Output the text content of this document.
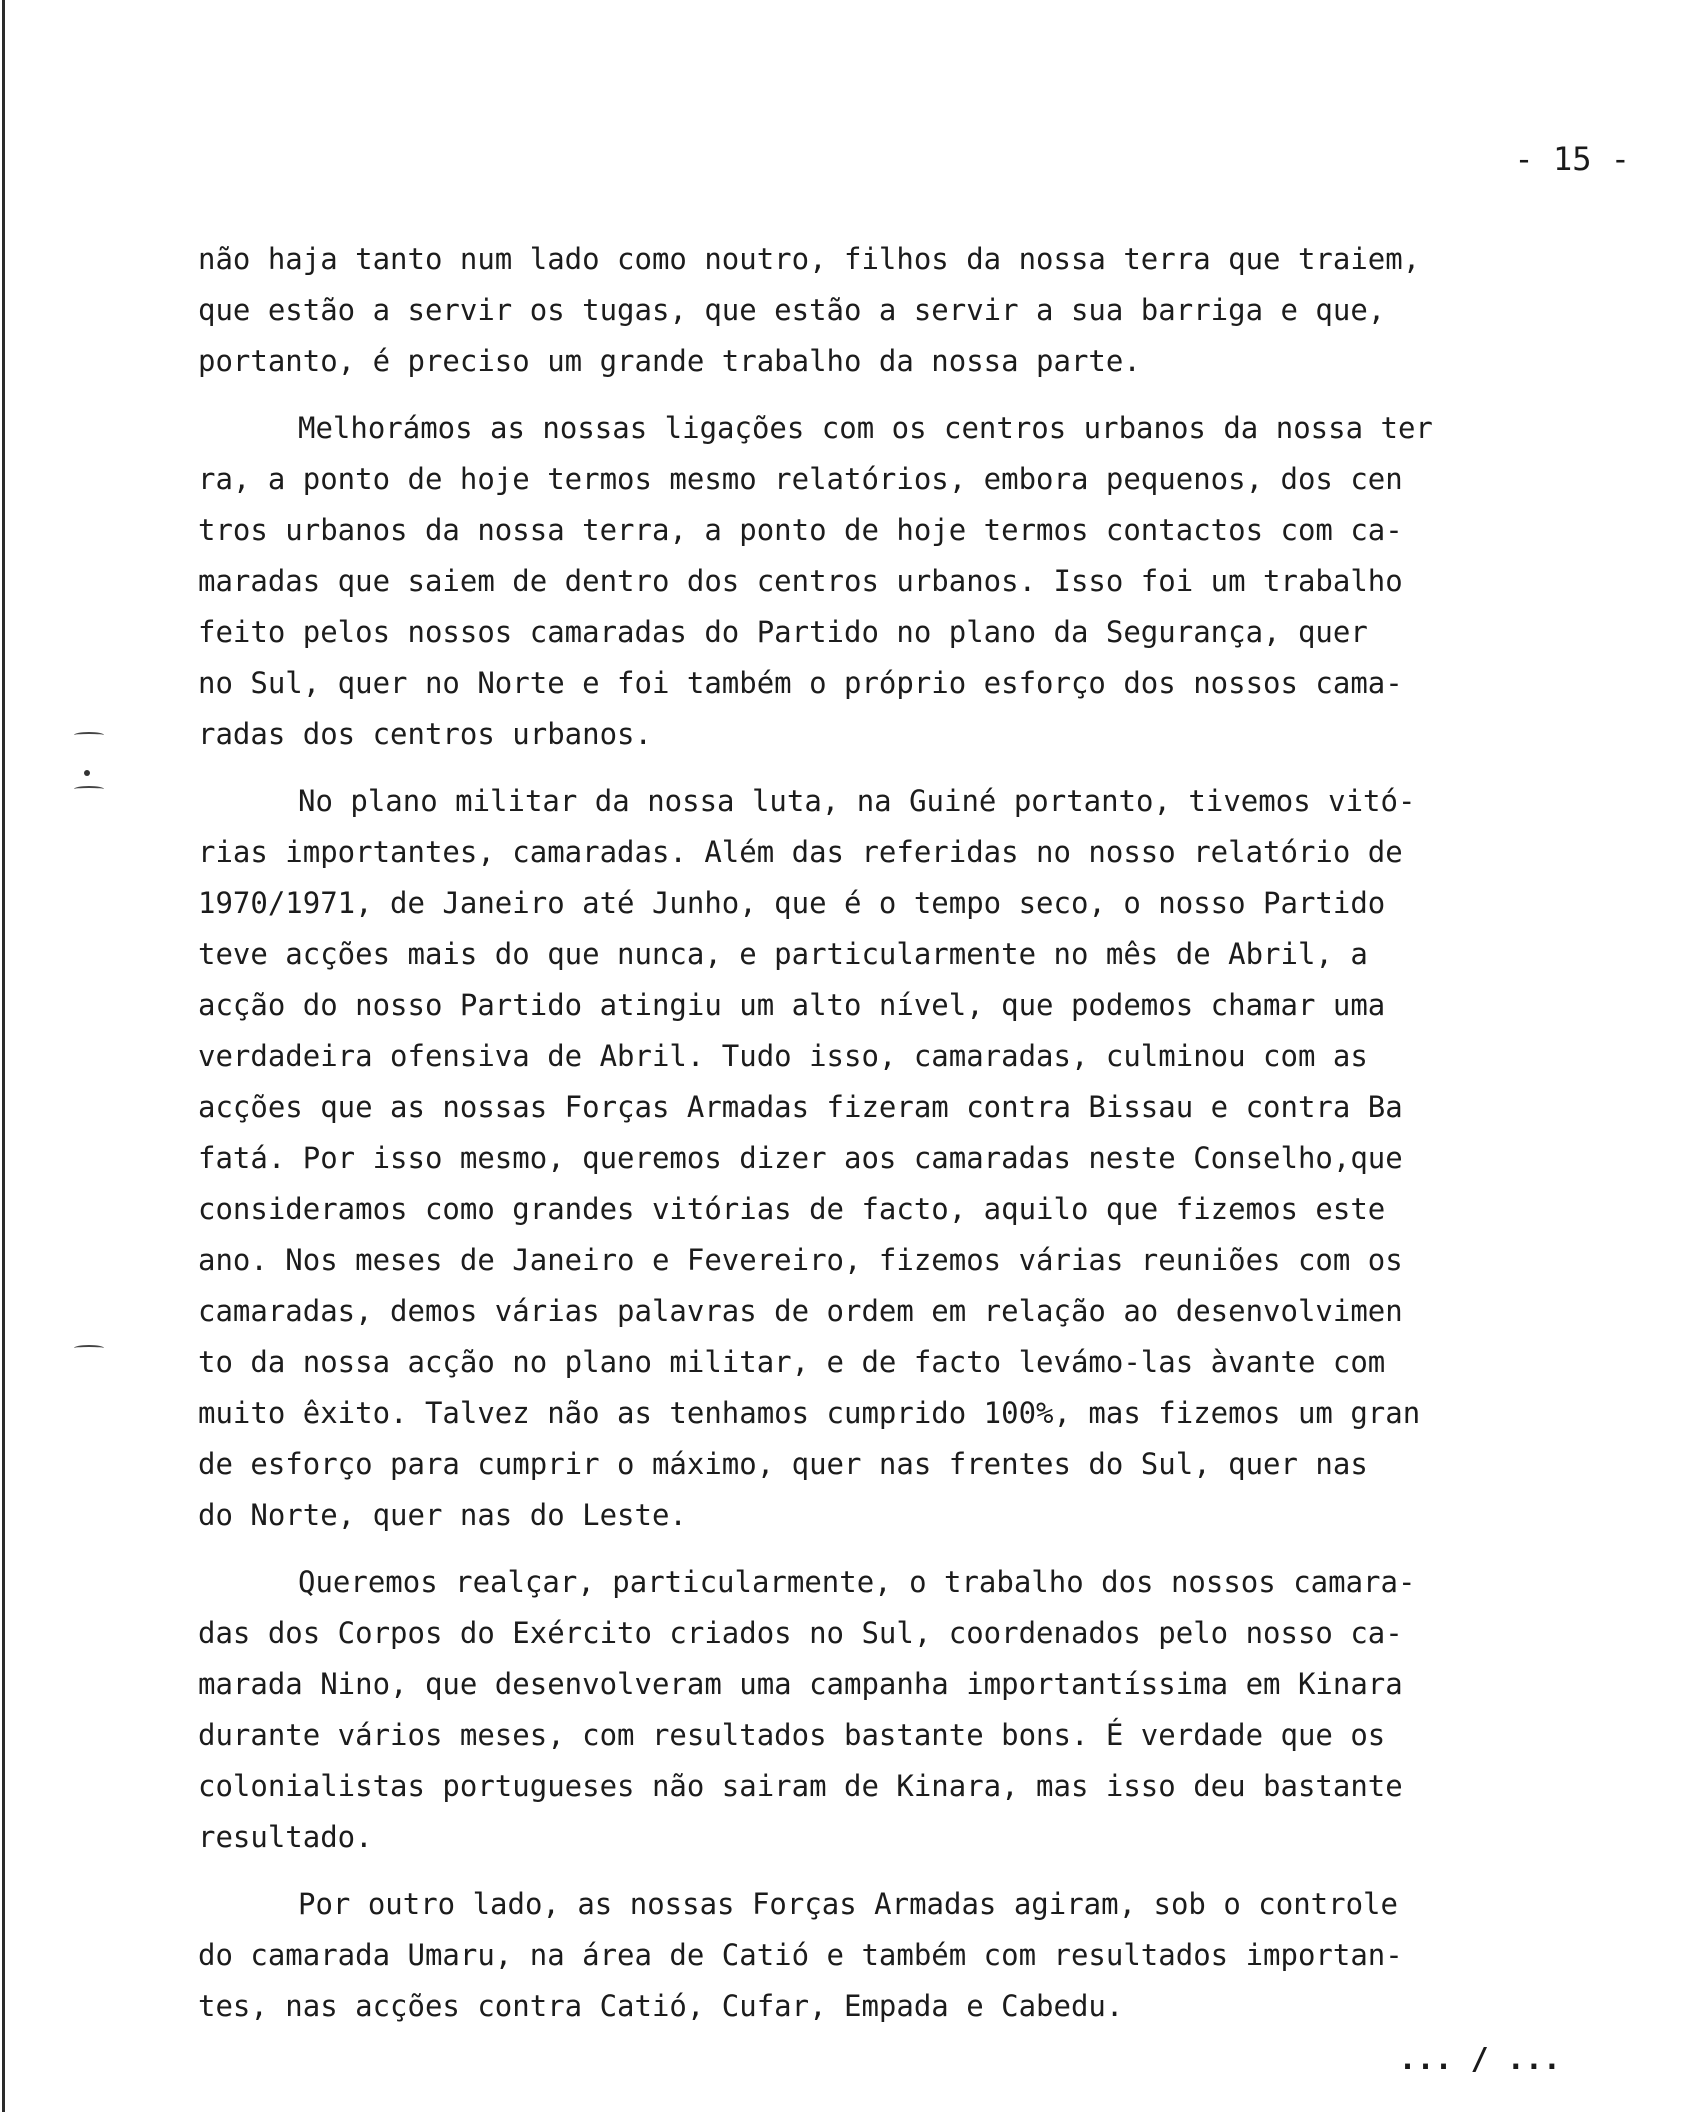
- 15 -
não haja tanto num lado como noutro, filhos da nossa terra que traiem,
que estão a servir os tugas, que estão a servir a sua barriga e que,
portanto, é preciso um grande trabalho da nossa parte.
Melhorámos as nossas ligações com os centros urbanos da nossa ter
ra, a ponto de hoje termos mesmo relatórios, embora pequenos, dos cen
tros urbanos da nossa terra, a ponto de hoje termos contactos com ca-
maradas que saiem de dentro dos centros urbanos. Isso foi um trabalho
feito pelos nossos camaradas do Partido no plano da Segurança, quer
no Sul, quer no Norte e foi também o próprio esforço dos nossos cama-
radas dos centros urbanos.
No plano militar da nossa luta, na Guiné portanto, tivemos vitó-
rias importantes, camaradas. Além das referidas no nosso relatório de
1970/1971, de Janeiro até Junho, que é o tempo seco, o nosso Partido
teve acções mais do que nunca, e particularmente no mês de Abril, a
acção do nosso Partido atingiu um alto nível, que podemos chamar uma
verdadeira ofensiva de Abril. Tudo isso, camaradas, culminou com as
acções que as nossas Forças Armadas fizeram contra Bissau e contra Ba
fatá. Por isso mesmo, queremos dizer aos camaradas neste Conselho,que
consideramos como grandes vitórias de facto, aquilo que fizemos este
ano. Nos meses de Janeiro e Fevereiro, fizemos várias reuniões com os
camaradas, demos várias palavras de ordem em relação ao desenvolvimen
to da nossa acção no plano militar, e de facto levámo-las àvante com
muito êxito. Talvez não as tenhamos cumprido 100%, mas fizemos um gran
de esforço para cumprir o máximo, quer nas frentes do Sul, quer nas
do Norte, quer nas do Leste.
Queremos realçar, particularmente, o trabalho dos nossos camara-
das dos Corpos do Exército criados no Sul, coordenados pelo nosso ca-
marada Nino, que desenvolveram uma campanha importantíssima em Kinara
durante vários meses, com resultados bastante bons. É verdade que os
colonialistas portugueses não sairam de Kinara, mas isso deu bastante
resultado.
Por outro lado, as nossas Forças Armadas agiram, sob o controle
do camarada Umaru, na área de Catió e também com resultados importan-
tes, nas acções contra Catió, Cufar, Empada e Cabedu.
... / ...
